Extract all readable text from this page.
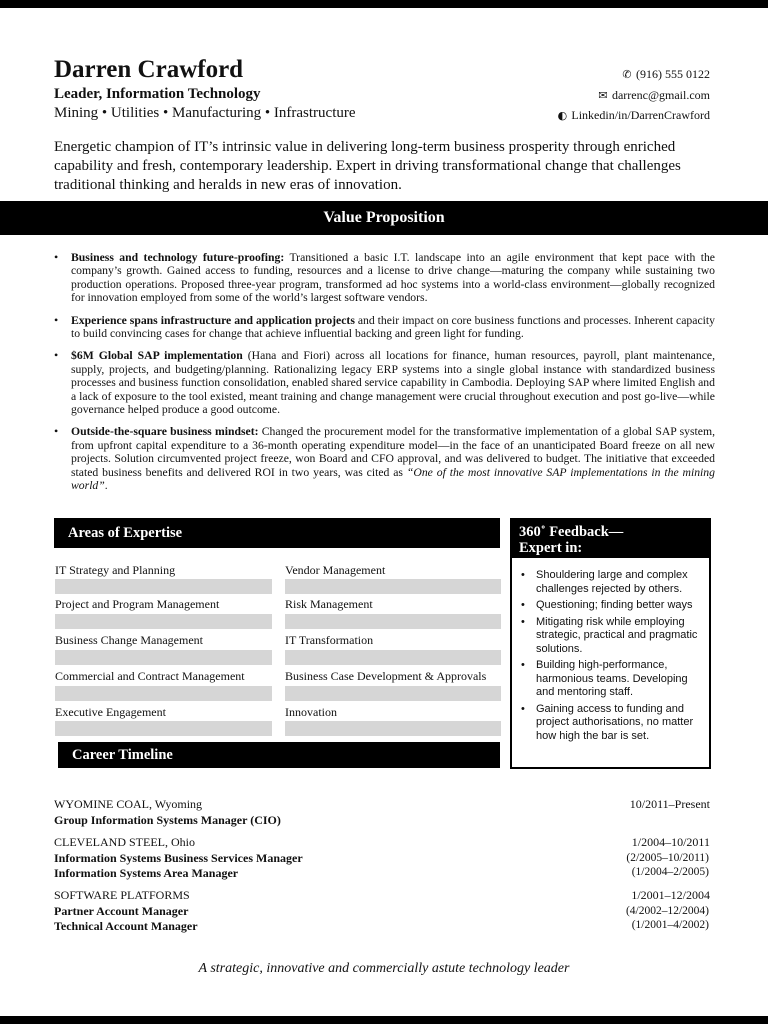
Darren Crawford
Leader, Information Technology
Mining • Utilities • Manufacturing • Infrastructure
✆ (916) 555 0122
✉ darrenc@gmail.com
◐ Linkedin/in/DarrenCrawford
Energetic champion of IT’s intrinsic value in delivering long-term business prosperity through enriched capability and fresh, contemporary leadership. Expert in driving transformational change that challenges traditional thinking and heralds in new eras of innovation.
Value Proposition
• Business and technology future-proofing: Transitioned a basic I.T. landscape into an agile environment that kept pace with the company’s growth. Gained access to funding, resources and a license to drive change—maturing the company while sustaining two production operations. Proposed three-year program, transformed ad hoc systems into a world-class environment—globally recognized for innovation employed from some of the world’s largest software vendors.
• Experience spans infrastructure and application projects and their impact on core business functions and processes. Inherent capacity to build convincing cases for change that achieve influential backing and green light for funding.
• $6M Global SAP implementation (Hana and Fiori) across all locations for finance, human resources, payroll, plant maintenance, supply, projects, and budgeting/planning. Rationalizing legacy ERP systems into a single global instance with standardized business processes and business function consolidation, enabled shared service capability in Cambodia. Deploying SAP where limited English and a lack of exposure to the tool existed, meant training and change management were crucial throughout execution and post go-live—while governance helped produce a good outcome.
• Outside-the-square business mindset: Changed the procurement model for the transformative implementation of a global SAP system, from upfront capital expenditure to a 36-month operating expenditure model—in the face of an unanticipated Board freeze on all new projects. Solution circumvented project freeze, won Board and CFO approval, and was delivered to budget. The initiative that exceeded stated business benefits and delivered ROI in two years, was cited as “One of the most innovative SAP implementations in the mining world”.
Areas of Expertise
IT Strategy and Planning
Project and Program Management
Business Change Management
Commercial and Contract Management
Executive Engagement
Vendor Management
Risk Management
IT Transformation
Business Case Development & Approvals
Innovation
360˚ Feedback—
Expert in:
• Shouldering large and complex challenges rejected by others.
• Questioning; finding better ways
• Mitigating risk while employing strategic, practical and pragmatic solutions.
• Building high-performance, harmonious teams. Developing and mentoring staff.
• Gaining access to funding and project authorisations, no matter how high the bar is set.
Career Timeline
WYOMINE COAL, Wyoming	10/2011–Present
Group Information Systems Manager (CIO)
CLEVELAND STEEL, Ohio	1/2004–10/2011
Information Systems Business Services Manager	(2/2005–10/2011)
Information Systems Area Manager	(1/2004–2/2005)
SOFTWARE PLATFORMS	1/2001–12/2004
Partner Account Manager	(4/2002–12/2004)
Technical Account Manager	(1/2001–4/2002)
A strategic, innovative and commercially astute technology leader
